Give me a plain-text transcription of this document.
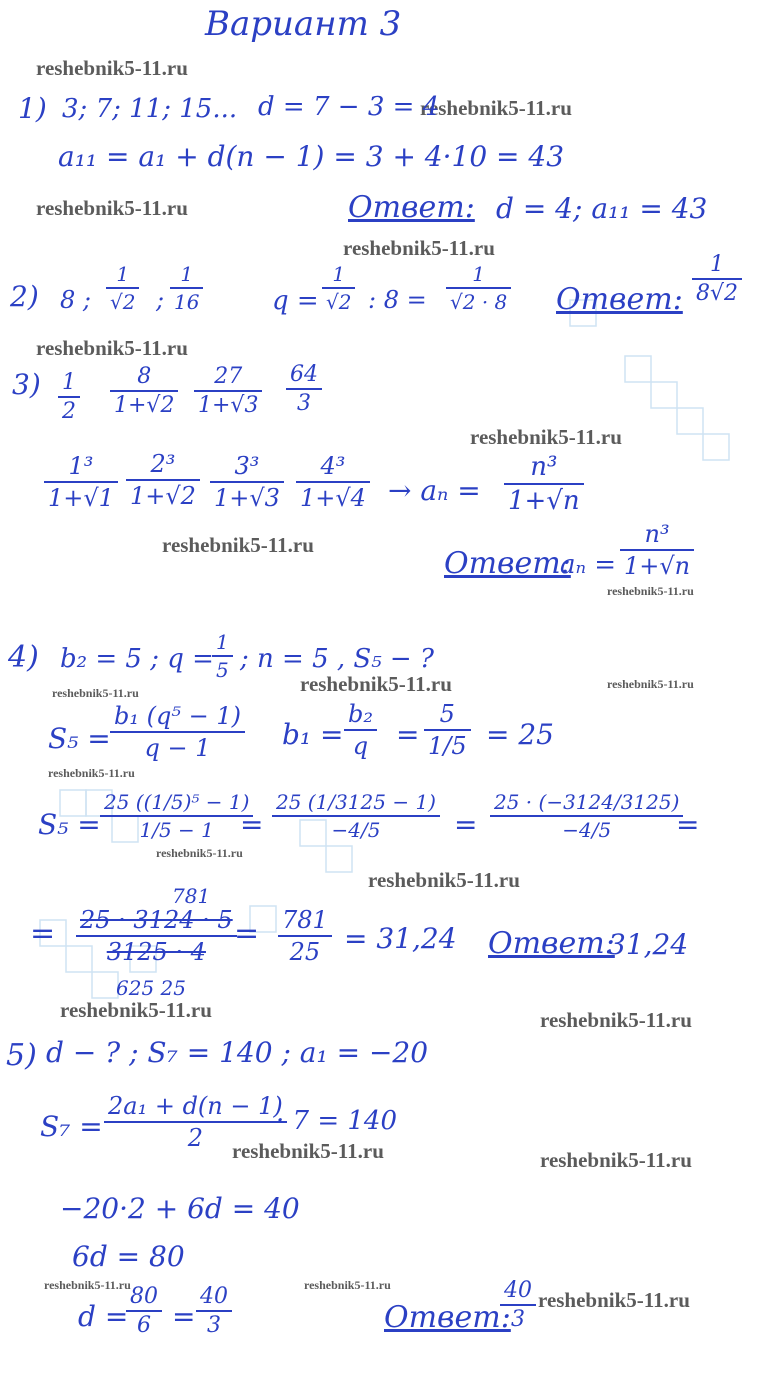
Вариант 3
reshebnik5-11.ru
reshebnik5-11.ru
reshebnik5-11.ru
reshebnik5-11.ru
reshebnik5-11.ru
reshebnik5-11.ru
reshebnik5-11.ru
reshebnik5-11.ru
reshebnik5-11.ru	reshebnik5-11.ru	reshebnik5-11.ru
reshebnik5-11.ru
reshebnik5-11.ru
reshebnik5-11.ru
reshebnik5-11.ru	reshebnik5-11.ru
reshebnik5-11.ru	reshebnik5-11.ru
reshebnik5-11.ru	reshebnik5-11.ru
reshebnik5-11.ru
1) 3; 7; 11; 15... d = 7 − 3 = 4
a₁₁ = a₁ + d(n − 1) = 3 + 4·10 = 43
Ответ: d = 4; a₁₁ = 43
2) 8 ;
1
√2 ;
1
16	q =
1
√2 : 8 =
1
√2 · 8 Ответ:
1
8√2
3) 1
2
8
1+√2
27
1+√3
64
3
1³
1+√1
2³
1+√2
3³
1+√3
4³
1+√4 → aₙ =
n³
1+√n
Ответ:
aₙ =
n³
1+√n
4) b₂ = 5 ; q =
1
5 ; n = 5 , S₅ − ?
S₅ =
b₁ (q⁵ − 1)
q − 1	b₁ =
b₂
q =
5
1/5 = 25
S₅ =
25 ((1/5)⁵ − 1)
1/5 − 1 =
25 (1/3125 − 1)
−4/5	=
25 · (−3124/3125)
−4/5 =
=
781
25 · 3124 · 5
3125 · 4
625 25
= 781
25 = 31,24 Ответ:
31,24
5) d − ? ; S₇ = 140 ; a₁ = −20
S₇ =
2a₁ + d(n − 1)
2
· 7 = 140
−20·2 + 6d = 40
6d = 80
d =
80
6 =
40
3	Ответ:
40
3
